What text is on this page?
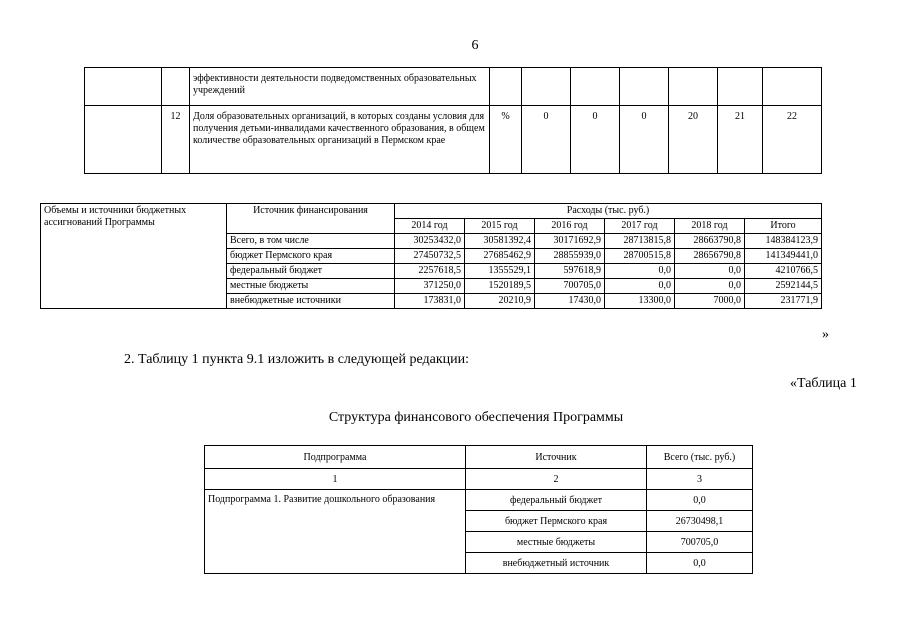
6
		эффективности деятельности подведомственных образовательных учреждений							
	12	Доля образовательных организаций, в которых созданы условия для получения детьми-инвалидами качественного образования, в общем количестве образовательных организаций в Пермском крае	%	0	0	0	20	21	22
Объемы и источники бюджетных ассигнований Программы	Источник финансирования	Расходы (тыс. руб.)					
		2014 год	2015 год	2016 год	2017 год	2018 год	Итого
	Всего, в том числе	30253432,0	30581392,4	30171692,9	28713815,8	28663790,8	148384123,9
	бюджет Пермского края	27450732,5	27685462,9	28855939,0	28700515,8	28656790,8	141349441,0
	федеральный бюджет	2257618,5	1355529,1	597618,9	0,0	0,0	4210766,5
	местные бюджеты	371250,0	1520189,5	700705,0	0,0	0,0	2592144,5
	внебюджетные источники	173831,0	20210,9	17430,0	13300,0	7000,0	231771,9
»
2. Таблицу 1 пункта 9.1 изложить в следующей редакции:
«Таблица 1
Структура финансового обеспечения Программы
Подпрограмма	Источник	Всего (тыс. руб.)
1	2	3
Подпрограмма 1. Развитие дошкольного образования	федеральный бюджет	0,0
	бюджет Пермского края	26730498,1
	местные бюджеты	700705,0
	внебюджетный источник	0,0
